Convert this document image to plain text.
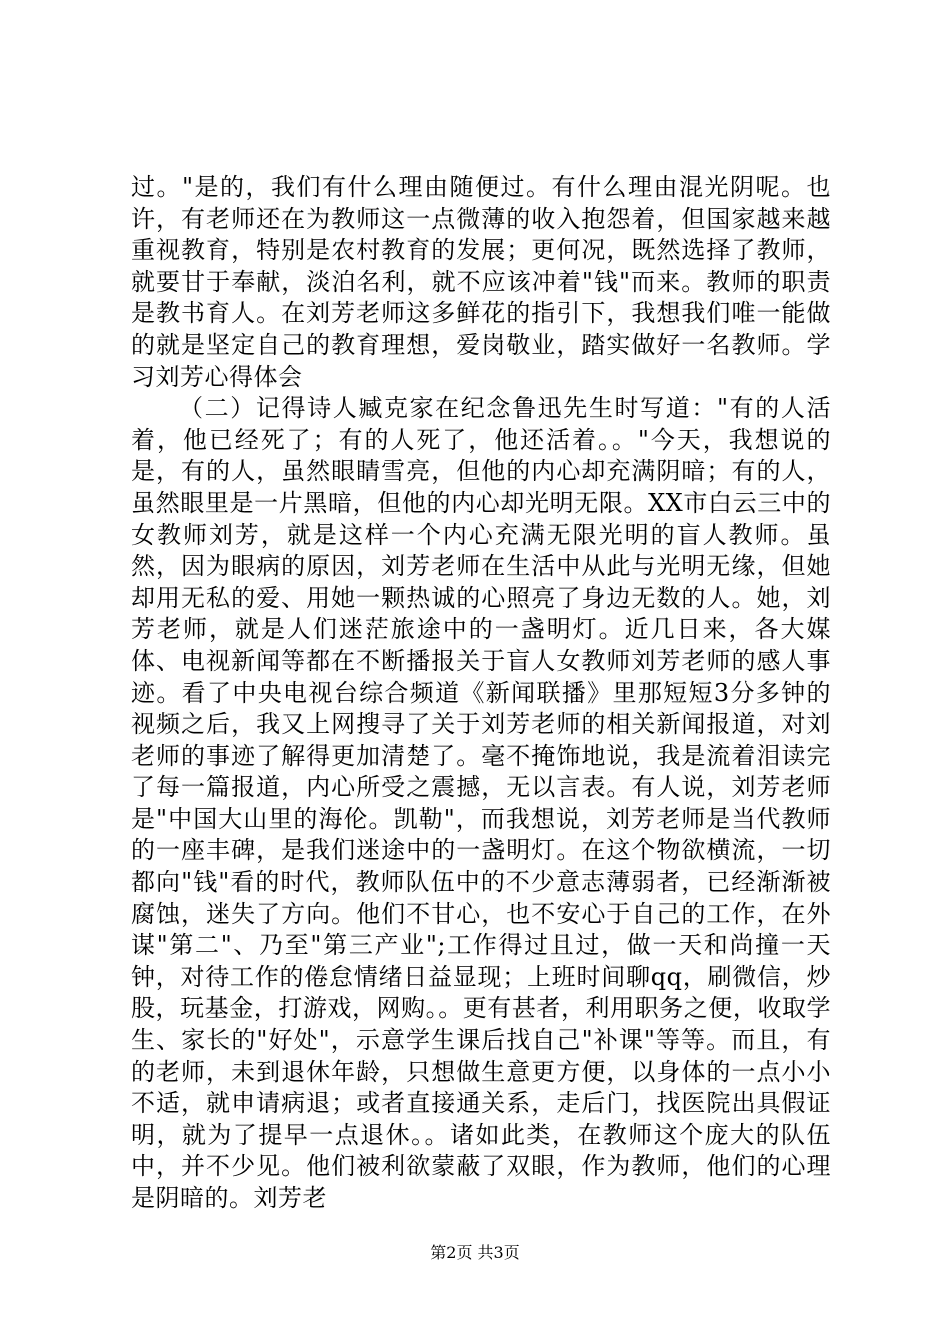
过。"是的，我们有什么理由随便过。有什么理由混光阴呢。也许，有老师还在为教师这一点微薄的收入抱怨着，但国家越来越重视教育，特别是农村教育的发展；更何况，既然选择了教师，就要甘于奉献，淡泊名利，就不应该冲着"钱"而来。教师的职责是教书育人。在刘芳老师这多鲜花的指引下，我想我们唯一能做的就是坚定自己的教育理想，爱岗敬业，踏实做好一名教师。学习刘芳心得体会

（二）记得诗人臧克家在纪念鲁迅先生时写道："有的人活着，他已经死了；有的人死了，他还活着。。"今天，我想说的是，有的人，虽然眼睛雪亮，但他的内心却充满阴暗；有的人，虽然眼里是一片黑暗，但他的内心却光明无限。XX市白云三中的女教师刘芳，就是这样一个内心充满无限光明的盲人教师。虽然，因为眼病的原因，刘芳老师在生活中从此与光明无缘，但她却用无私的爱、用她一颗热诚的心照亮了身边无数的人。她，刘芳老师，就是人们迷茫旅途中的一盏明灯。近几日来，各大媒体、电视新闻等都在不断播报关于盲人女教师刘芳老师的感人事迹。看了中央电视台综合频道《新闻联播》里那短短3分多钟的视频之后，我又上网搜寻了关于刘芳老师的相关新闻报道，对刘老师的事迹了解得更加清楚了。毫不掩饰地说，我是流着泪读完了每一篇报道，内心所受之震撼，无以言表。有人说，刘芳老师是"中国大山里的海伦。凯勒"，而我想说，刘芳老师是当代教师的一座丰碑，是我们迷途中的一盏明灯。在这个物欲横流，一切都向"钱"看的时代，教师队伍中的不少意志薄弱者，已经渐渐被腐蚀，迷失了方向。他们不甘心，也不安心于自己的工作，在外谋"第二"、乃至"第三产业";工作得过且过，做一天和尚撞一天钟，对待工作的倦怠情绪日益显现；上班时间聊qq，刷微信，炒股，玩基金，打游戏，网购。。更有甚者，利用职务之便，收取学生、家长的"好处"，示意学生课后找自己"补课"等等。而且，有的老师，未到退休年龄，只想做生意更方便，以身体的一点小小不适，就申请病退；或者直接通关系，走后门，找医院出具假证明，就为了提早一点退休。。诸如此类，在教师这个庞大的队伍中，并不少见。他们被利欲蒙蔽了双眼，作为教师，他们的心理是阴暗的。刘芳老

第2页 共3页
